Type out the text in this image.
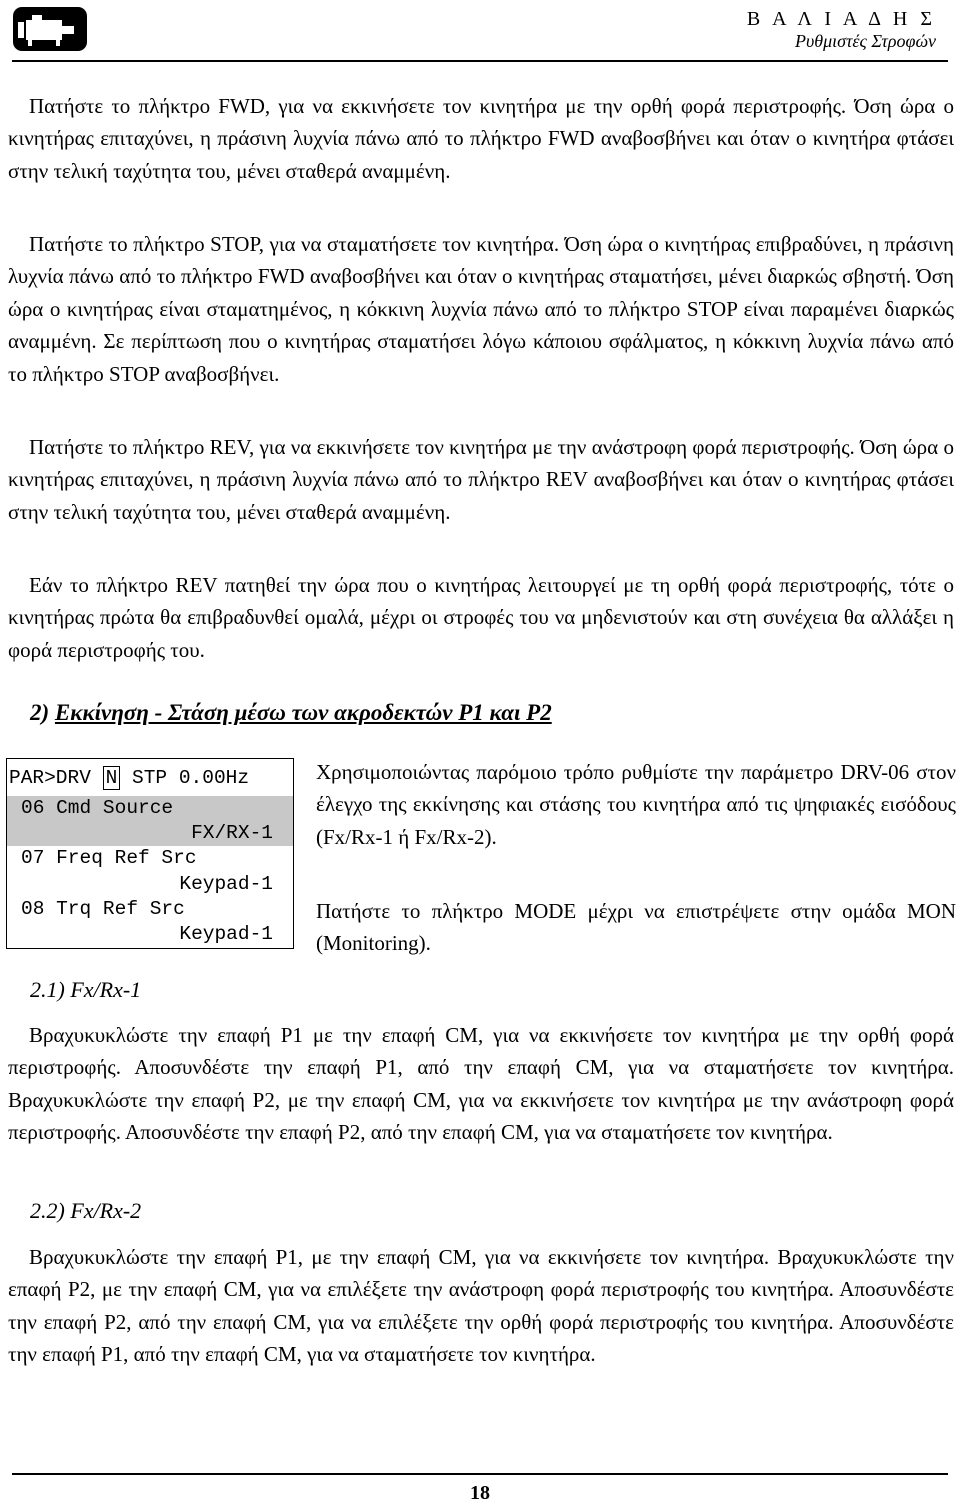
Β Α Λ Ι Α Δ Η Σ
Ρυθμιστές Στροφών

Πατήστε το πλήκτρο FWD, για να εκκινήσετε τον κινητήρα με την ορθή φορά περιστροφής. Όση ώρα ο κινητήρας επιταχύνει, η πράσινη λυχνία πάνω από το πλήκτρο FWD αναβοσβήνει και όταν ο κινητήρα φτάσει στην τελική ταχύτητα του, μένει σταθερά αναμμένη.

Πατήστε το πλήκτρο STOP, για να σταματήσετε τον κινητήρα. Όση ώρα ο κινητήρας επιβραδύνει, η πράσινη λυχνία πάνω από το πλήκτρο FWD αναβοσβήνει και όταν ο κινητήρας σταματήσει, μένει διαρκώς σβηστή. Όση ώρα ο κινητήρας είναι σταματημένος, η κόκκινη λυχνία πάνω από το πλήκτρο STOP είναι παραμένει διαρκώς αναμμένη. Σε περίπτωση που ο κινητήρας σταματήσει λόγω κάποιου σφάλματος, η κόκκινη λυχνία πάνω από το πλήκτρο STOP αναβοσβήνει.

Πατήστε το πλήκτρο REV, για να εκκινήσετε τον κινητήρα με την ανάστροφη φορά περιστροφής. Όση ώρα ο κινητήρας επιταχύνει, η πράσινη λυχνία πάνω από το πλήκτρο REV αναβοσβήνει και όταν ο κινητήρας φτάσει στην τελική ταχύτητα του, μένει σταθερά αναμμένη.

Εάν το πλήκτρο REV πατηθεί την ώρα που ο κινητήρας λειτουργεί με τη ορθή φορά περιστροφής, τότε ο κινητήρας πρώτα θα επιβραδυνθεί ομαλά, μέχρι οι στροφές του να μηδενιστούν και στη συνέχεια θα αλλάξει η φορά περιστροφής του.

2) Εκκίνηση - Στάση μέσω των ακροδεκτών P1 και P2
PAR>DRV N STP 0.00Hz
06 Cmd Source
FX/RX-1
07 Freq Ref Src
Keypad-1
08 Trq Ref Src
Keypad-1

Χρησιμοποιώντας παρόμοιο τρόπο ρυθμίστε την παράμετρο DRV-06 στον έλεγχο της εκκίνησης και στάσης του κινητήρα από τις ψηφιακές εισόδους (Fx/Rx-1 ή Fx/Rx-2).

Πατήστε το πλήκτρο MODE μέχρι να επιστρέψετε στην ομάδα MON (Monitoring).

2.1) Fx/Rx-1

Βραχυκυκλώστε την επαφή P1 με την επαφή CM, για να εκκινήσετε τον κινητήρα με την ορθή φορά περιστροφής. Αποσυνδέστε την επαφή P1, από την επαφή CM, για να σταματήσετε τον κινητήρα. Βραχυκυκλώστε την επαφή P2, με την επαφή CM, για να εκκινήσετε τον κινητήρα με την ανάστροφη φορά περιστροφής. Αποσυνδέστε την επαφή P2, από την επαφή CM, για να σταματήσετε τον κινητήρα.

2.2) Fx/Rx-2

Βραχυκυκλώστε την επαφή P1, με την επαφή CM, για να εκκινήσετε τον κινητήρα. Βραχυκυκλώστε την επαφή P2, με την επαφή CM, για να επιλέξετε την ανάστροφη φορά περιστροφής του κινητήρα. Αποσυνδέστε την επαφή P2, από την επαφή CM, για να επιλέξετε την ορθή φορά περιστροφής του κινητήρα. Αποσυνδέστε την επαφή P1, από την επαφή CM, για να σταματήσετε τον κινητήρα.

18
